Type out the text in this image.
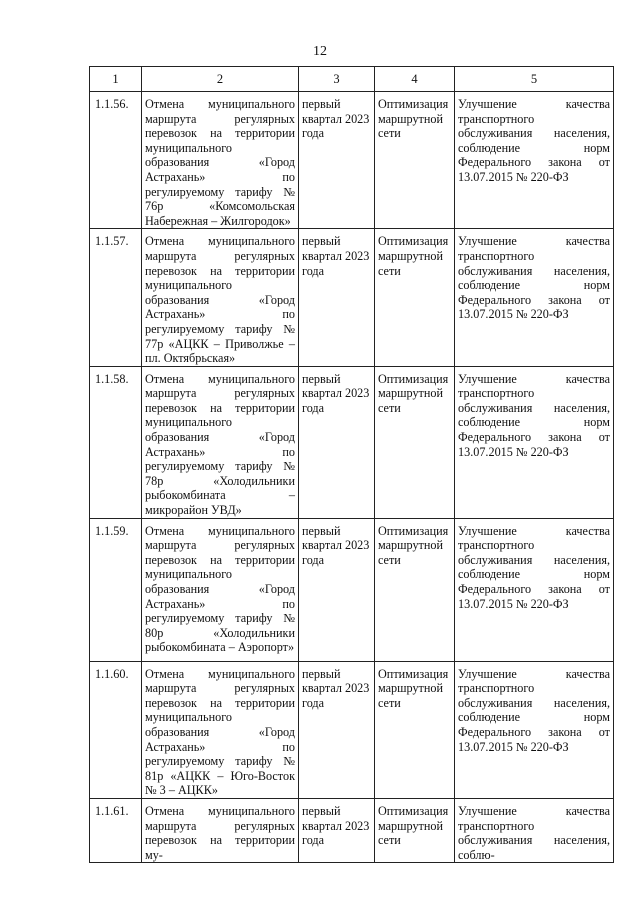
12
1	2	3	4	5
1.1.56.	Отмена муниципального маршрута регулярных перевозок на территории муниципального образования «Город Астрахань» по регулируемому тарифу № 76р «Комсомольская Набережная – Жилгородок»	первый квартал 2023 года	Оптимизация маршрутной сети	Улучшение качества транспортного обслуживания населения, соблюдение норм Федерального закона от 13.07.2015 № 220-ФЗ
1.1.57.	Отмена муниципального маршрута регулярных перевозок на территории муниципального образования «Город Астрахань» по регулируемому тарифу № 77р «АЦКК – Приволжье – пл. Октябрьская»	первый квартал 2023 года	Оптимизация маршрутной сети	Улучшение качества транспортного обслуживания населения, соблюдение норм Федерального закона от 13.07.2015 № 220-ФЗ
1.1.58.	Отмена муниципального маршрута регулярных перевозок на территории муниципального образования «Город Астрахань» по регулируемому тарифу № 78р «Холодильники рыбокомбината – микрорайон УВД»	первый квартал 2023 года	Оптимизация маршрутной сети	Улучшение качества транспортного обслуживания населения, соблюдение норм Федерального закона от 13.07.2015 № 220-ФЗ
1.1.59.	Отмена муниципального маршрута регулярных перевозок на территории муниципального образования «Город Астрахань» по регулируемому тарифу № 80р «Холодильники рыбокомбината – Аэропорт»	первый квартал 2023 года	Оптимизация маршрутной сети	Улучшение качества транспортного обслуживания населения, соблюдение норм Федерального закона от 13.07.2015 № 220-ФЗ
1.1.60.	Отмена муниципального маршрута регулярных перевозок на территории муниципального образования «Город Астрахань» по регулируемому тарифу № 81р «АЦКК – Юго-Восток № 3 – АЦКК»	первый квартал 2023 года	Оптимизация маршрутной сети	Улучшение качества транспортного обслуживания населения, соблюдение норм Федерального закона от 13.07.2015 № 220-ФЗ
1.1.61.	Отмена муниципального маршрута регулярных перевозок на территории му-	первый квартал 2023 года	Оптимизация маршрутной сети	Улучшение качества транспортного обслуживания населения, соблю-
